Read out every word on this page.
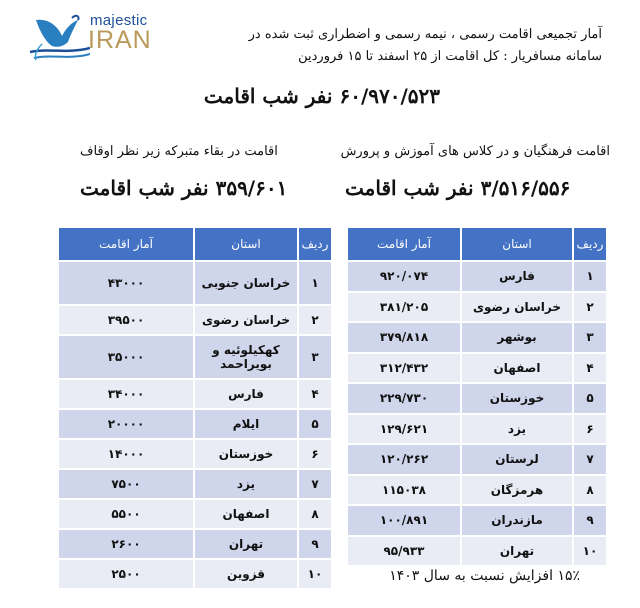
majestic
IRAN	آمار تجمیعی اقامت رسمی ، نیمه رسمی و اضطراری ثبت شده در
سامانه مسافریار : کل اقامت از ۲۵ اسفند تا ۱۵ فروردین
۶۰/۹۷۰/۵۲۳ نفر شب اقامت
اقامت فرهنگیان و در کلاس های آموزش و پرورش
اقامت در بقاء متبرکه زیر نظر اوقاف
۳/۵۱۶/۵۵۶ نفر شب اقامت
۳۵۹/۶۰۱ نفر شب اقامت
ردیف	استان	آمار اقامت
۱	فارس	۹۲۰/۰۷۴
۲	خراسان رضوی	۳۸۱/۲۰۵
۳	بوشهر	۳۷۹/۸۱۸
۴	اصفهان	۳۱۲/۴۳۲
۵	خوزستان	۲۲۹/۷۳۰
۶	یزد	۱۲۹/۶۲۱
۷	لرستان	۱۲۰/۲۶۲
۸	هرمزگان	۱۱۵۰۳۸
۹	مازندران	۱۰۰/۸۹۱
۱۰	تهران	۹۵/۹۳۳
ردیف	استان	آمار اقامت
۱	خراسان جنوبی	۴۳۰۰۰
۲	خراسان رضوی	۳۹۵۰۰
۳	کهکیلوئیه و بویراحمد	۳۵۰۰۰
۴	فارس	۳۴۰۰۰
۵	ایلام	۲۰۰۰۰
۶	خوزستان	۱۴۰۰۰
۷	یزد	۷۵۰۰
۸	اصفهان	۵۵۰۰
۹	تهران	۲۶۰۰
۱۰	قزوین	۲۵۰۰	۱۵٪ افزایش نسبت به سال ۱۴۰۳
